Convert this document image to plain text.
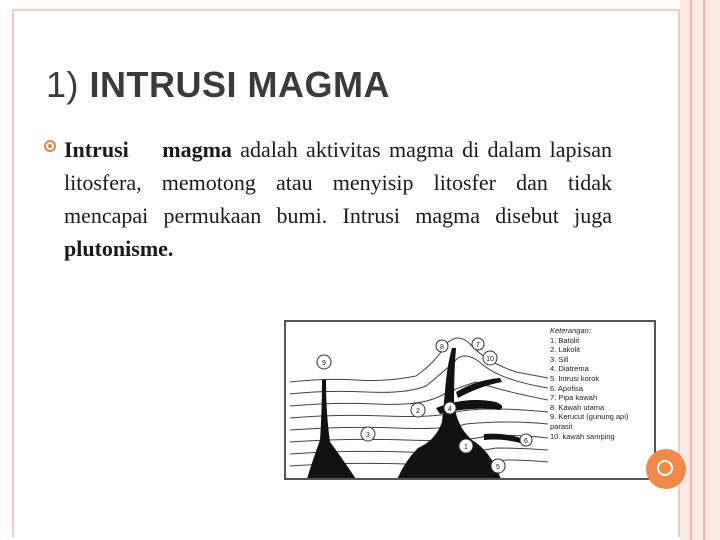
1) INTRUSI MAGMA
Intrusi magma adalah aktivitas magma di dalam lapisan litosfera, memotong atau menyisip litosfer dan tidak mencapai permukaan bumi. Intrusi magma disebut juga plutonisme.
9
8	7
10
2	4
3
1
6
5
Keterangan:
1. Batolit
2. Lakolit
3. Sill
4. Diatrema
5. Intrusi korok
6. Apofisa
7. Pipa kawah
8. Kawah utama
9. Kerucut (gunung api)
parasit
10. kawah samping
